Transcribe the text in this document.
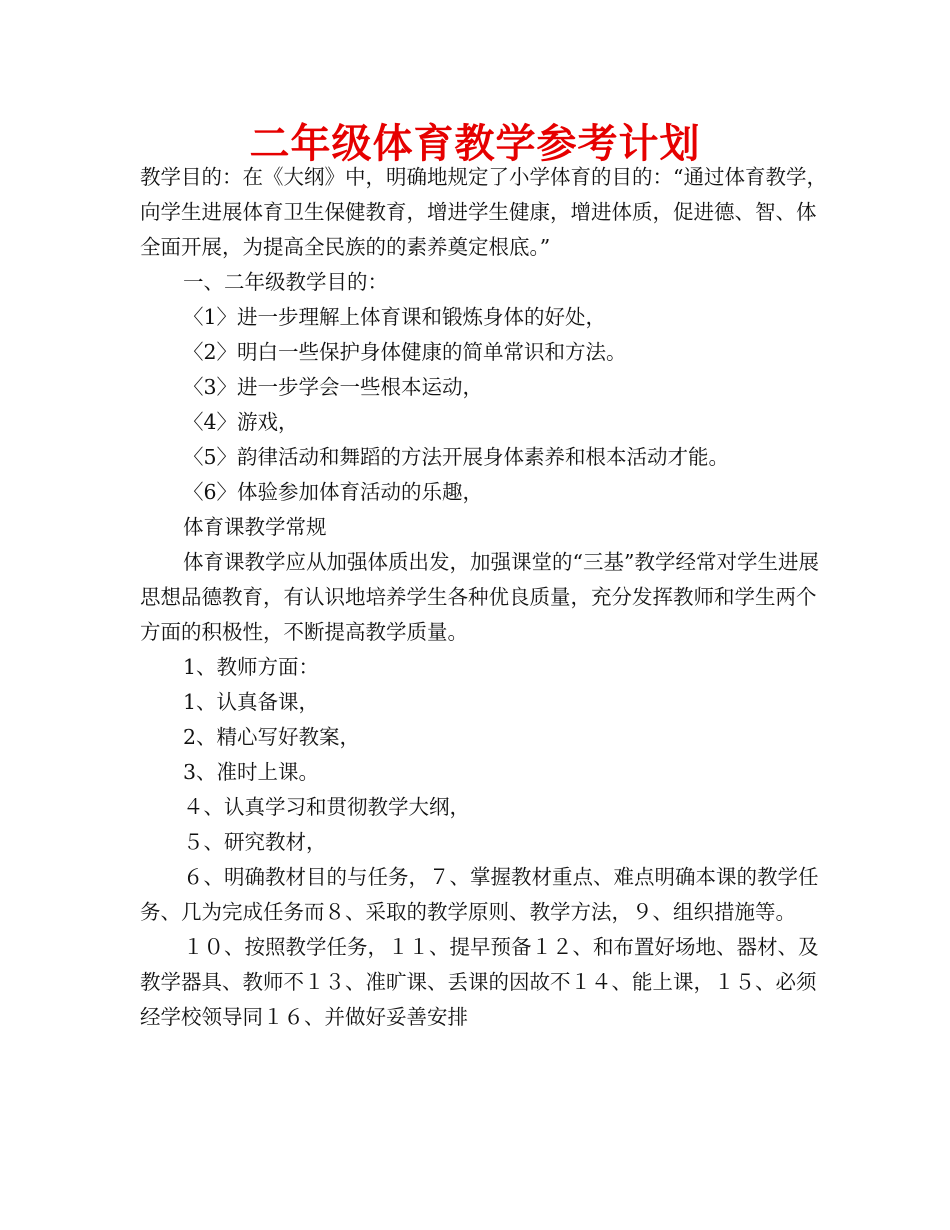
二年级体育教学参考计划

教学目的：在《大纲》中，明确地规定了小学体育的目的：“通过体育教学，向学生进展体育卫生保健教育，增进学生健康，增进体质，促进德、智、体全面开展，为提高全民族的的素养奠定根底。”

一、二年级教学目的：

〈1〉进一步理解上体育课和锻炼身体的好处，

〈2〉明白一些保护身体健康的简单常识和方法。

〈3〉进一步学会一些根本运动，

〈4〉游戏，

〈5〉韵律活动和舞蹈的方法开展身体素养和根本活动才能。

〈6〉体验参加体育活动的乐趣，

体育课教学常规

体育课教学应从加强体质出发，加强课堂的“三基”教学经常对学生进展思想品德教育，有认识地培养学生各种优良质量，充分发挥教师和学生两个方面的积极性，不断提高教学质量。

1、教师方面：

1、认真备课，

2、精心写好教案，

3、准时上课。

４、认真学习和贯彻教学大纲，

５、研究教材，

６、明确教材目的与任务，７、掌握教材重点、难点明确本课的教学任务、几为完成任务而８、采取的教学原则、教学方法，９、组织措施等。

１０、按照教学任务，１１、提早预备１２、和布置好场地、器材、及教学器具、教师不１３、准旷课、丢课的因故不１４、能上课，１５、必须经学校领导同１６、并做好妥善安排
